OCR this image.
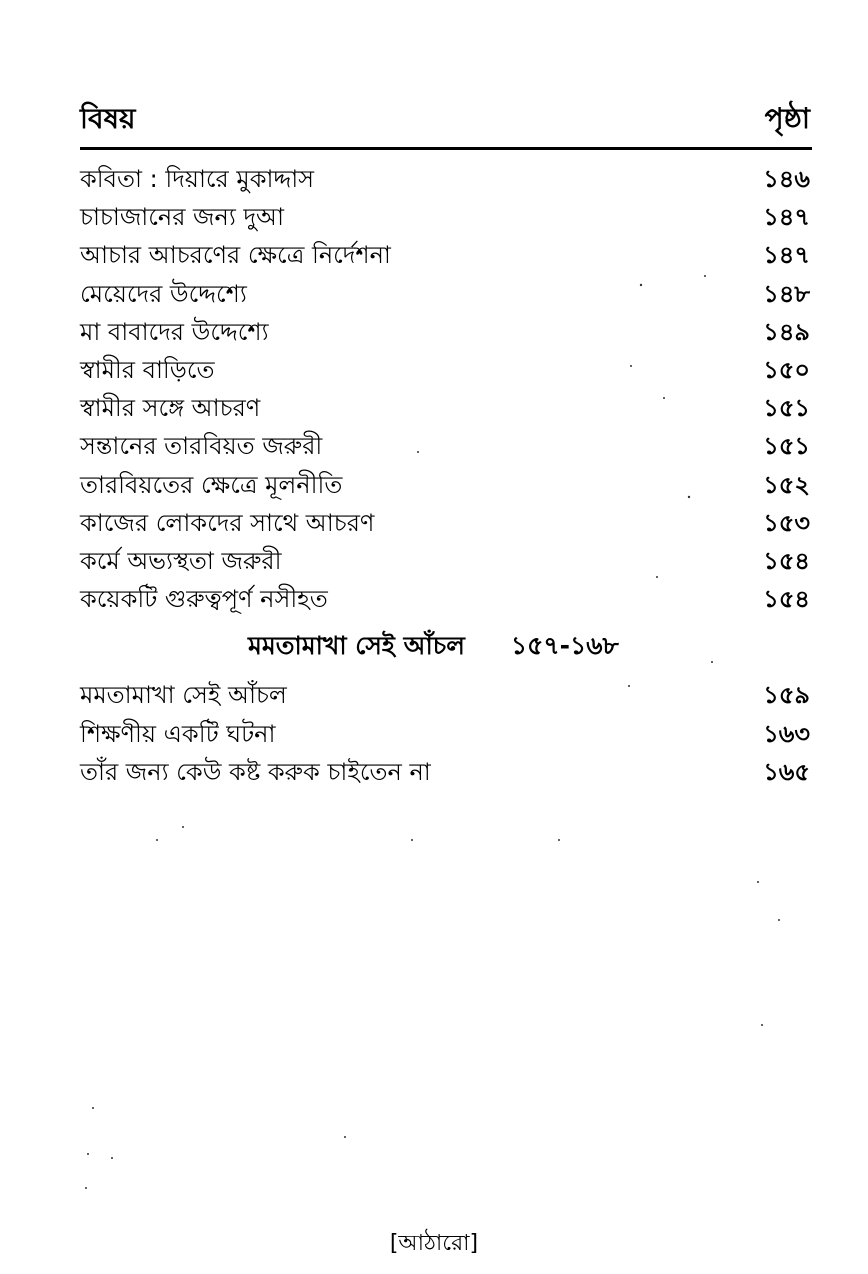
বিষয়	পৃষ্ঠা
কবিতা : দিয়ারে মুকাদ্দাস	১৪৬
চাচাজানের জন্য দুআ	১৪৭
আচার আচরণের ক্ষেত্রে নির্দেশনা	১৪৭
মেয়েদের উদ্দেশ্যে	১৪৮
মা বাবাদের উদ্দেশ্যে	১৪৯
স্বামীর বাড়িতে	১৫০
স্বামীর সঙ্গে আচরণ	১৫১
সন্তানের তারবিয়ত জরুরী	১৫১
তারবিয়তের ক্ষেত্রে মূলনীতি	১৫২
কাজের লোকদের সাথে আচরণ	১৫৩
কর্মে অভ্যস্থতা জরুরী	১৫৪
কয়েকটি গুরুত্বপূর্ণ নসীহত	১৫৪
মমতামাখা সেই আঁচল ১৫৭-১৬৮
মমতামাখা সেই আঁচল	১৫৯
শিক্ষণীয় একটি ঘটনা	১৬৩
তাঁর জন্য কেউ কষ্ট করুক চাইতেন না	১৬৫
[আঠারো]
